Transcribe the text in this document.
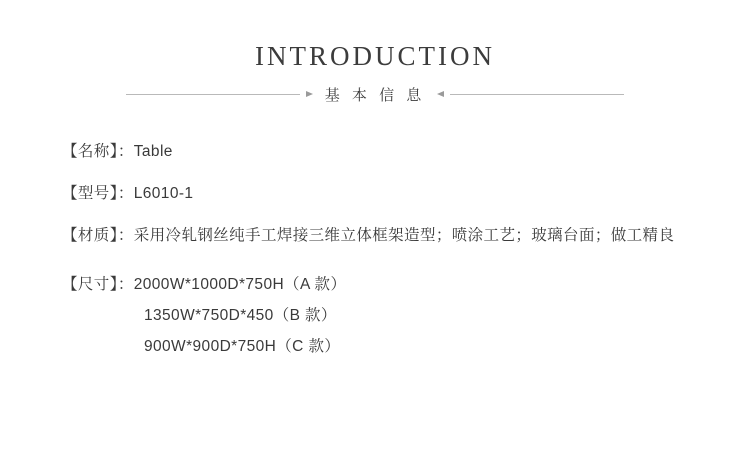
INTRODUCTION
基 本 信 息
【名称】：Table
【型号】：L6010-1
【材质】：采用冷轧钢丝纯手工焊接三维立体框架造型；喷涂工艺；玻璃台面；做工精良
【尺寸】：2000W*1000D*750H（A 款）
1350W*750D*450（B 款）
900W*900D*750H（C 款）
